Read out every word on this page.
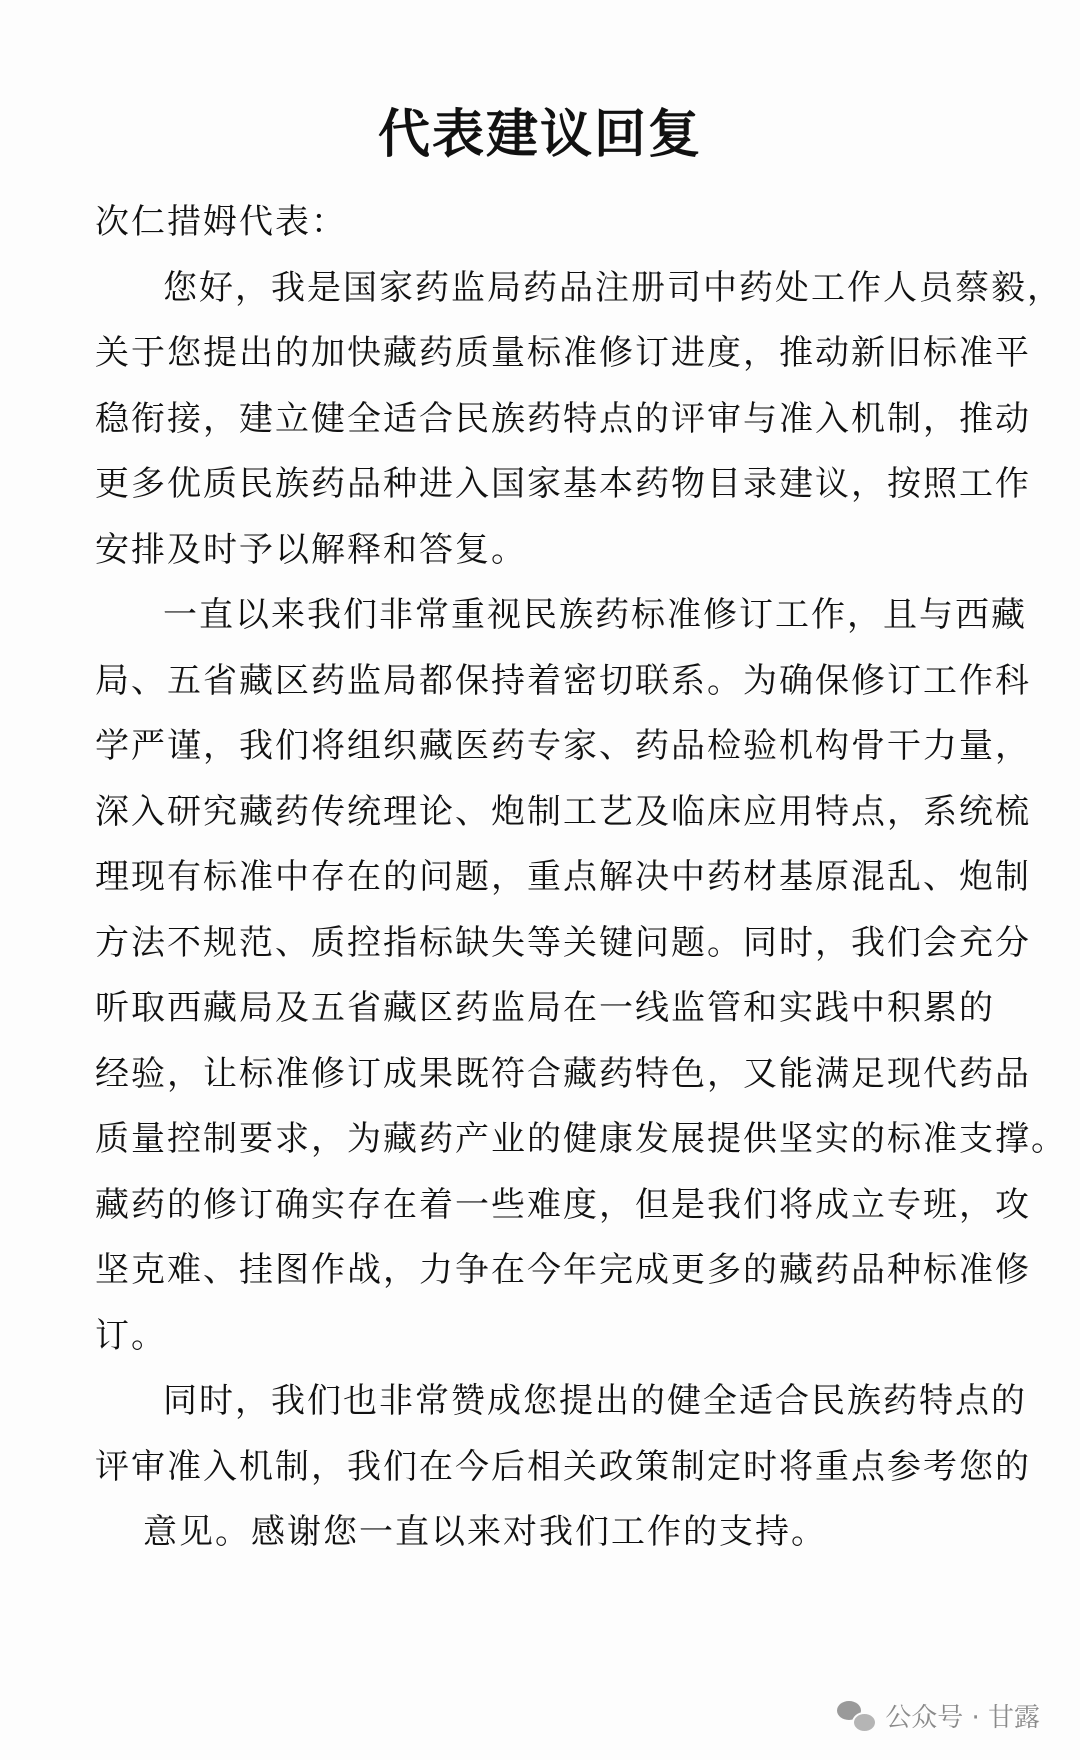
代表建议回复
次仁措姆代表：
您好，我是国家药监局药品注册司中药处工作人员蔡毅，
关于您提出的加快藏药质量标准修订进度，推动新旧标准平
稳衔接，建立健全适合民族药特点的评审与准入机制，推动
更多优质民族药品种进入国家基本药物目录建议，按照工作
安排及时予以解释和答复。
一直以来我们非常重视民族药标准修订工作，且与西藏
局、五省藏区药监局都保持着密切联系。为确保修订工作科
学严谨，我们将组织藏医药专家、药品检验机构骨干力量，
深入研究藏药传统理论、炮制工艺及临床应用特点，系统梳
理现有标准中存在的问题，重点解决中药材基原混乱、炮制
方法不规范、质控指标缺失等关键问题。同时，我们会充分
听取西藏局及五省藏区药监局在一线监管和实践中积累的
经验，让标准修订成果既符合藏药特色，又能满足现代药品
质量控制要求，为藏药产业的健康发展提供坚实的标准支撑。
藏药的修订确实存在着一些难度，但是我们将成立专班，攻
坚克难、挂图作战，力争在今年完成更多的藏药品种标准修
订。
同时，我们也非常赞成您提出的健全适合民族药特点的
评审准入机制，我们在今后相关政策制定时将重点参考您的
意见。感谢您一直以来对我们工作的支持。
公众号 · 甘露
